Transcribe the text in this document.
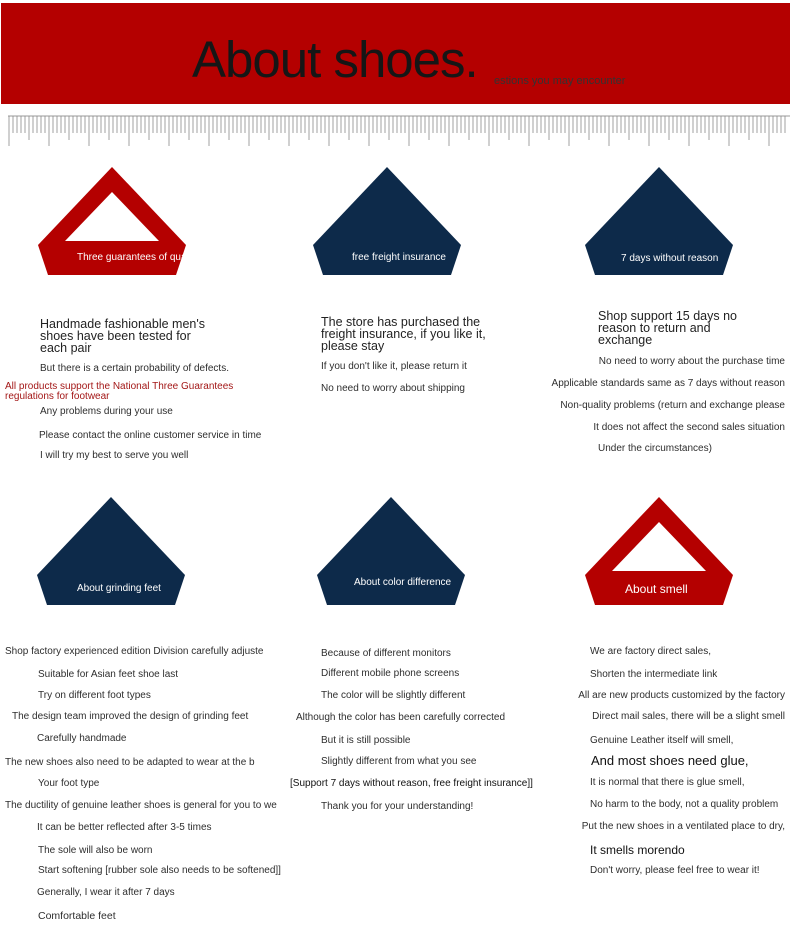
About shoes. estions you may encounter
Three guarantees of quality	free freight insurance	7 days without reason
About grinding feet
About color difference	About smell
Handmade fashionable men's shoes have been tested for each pair
But there is a certain probability of defects.
All products support the National Three Guarantees regulations for footwear
Any problems during your use
Please contact the online customer service in time
I will try my best to serve you well
The store has purchased the freight insurance, if you like it, please stay
If you don't like it, please return it
No need to worry about shipping
Shop support 15 days no reason to return and exchange
No need to worry about the purchase time
Applicable standards same as 7 days without reason
Non-quality problems (return and exchange please
It does not affect the second sales situation
Under the circumstances)
Shop factory experienced edition Division carefully adjuste
Suitable for Asian feet shoe last
Try on different foot types
The design team improved the design of grinding feet
Carefully handmade
The new shoes also need to be adapted to wear at the b
Your foot type
The ductility of genuine leather shoes is general for you to we
It can be better reflected after 3-5 times
The sole will also be worn
Start softening [rubber sole also needs to be softened]]
Generally, I wear it after 7 days
Comfortable feet
Because of different monitors
Different mobile phone screens
The color will be slightly different
Although the color has been carefully corrected
But it is still possible
Slightly different from what you see
[Support 7 days without reason, free freight insurance]]
Thank you for your understanding!
We are factory direct sales,
Shorten the intermediate link
All are new products customized by the factory
Direct mail sales, there will be a slight smell
Genuine Leather itself will smell,
And most shoes need glue,
It is normal that there is glue smell,
No harm to the body, not a quality problem
Put the new shoes in a ventilated place to dry,
It smells morendo
Don't worry, please feel free to wear it!
